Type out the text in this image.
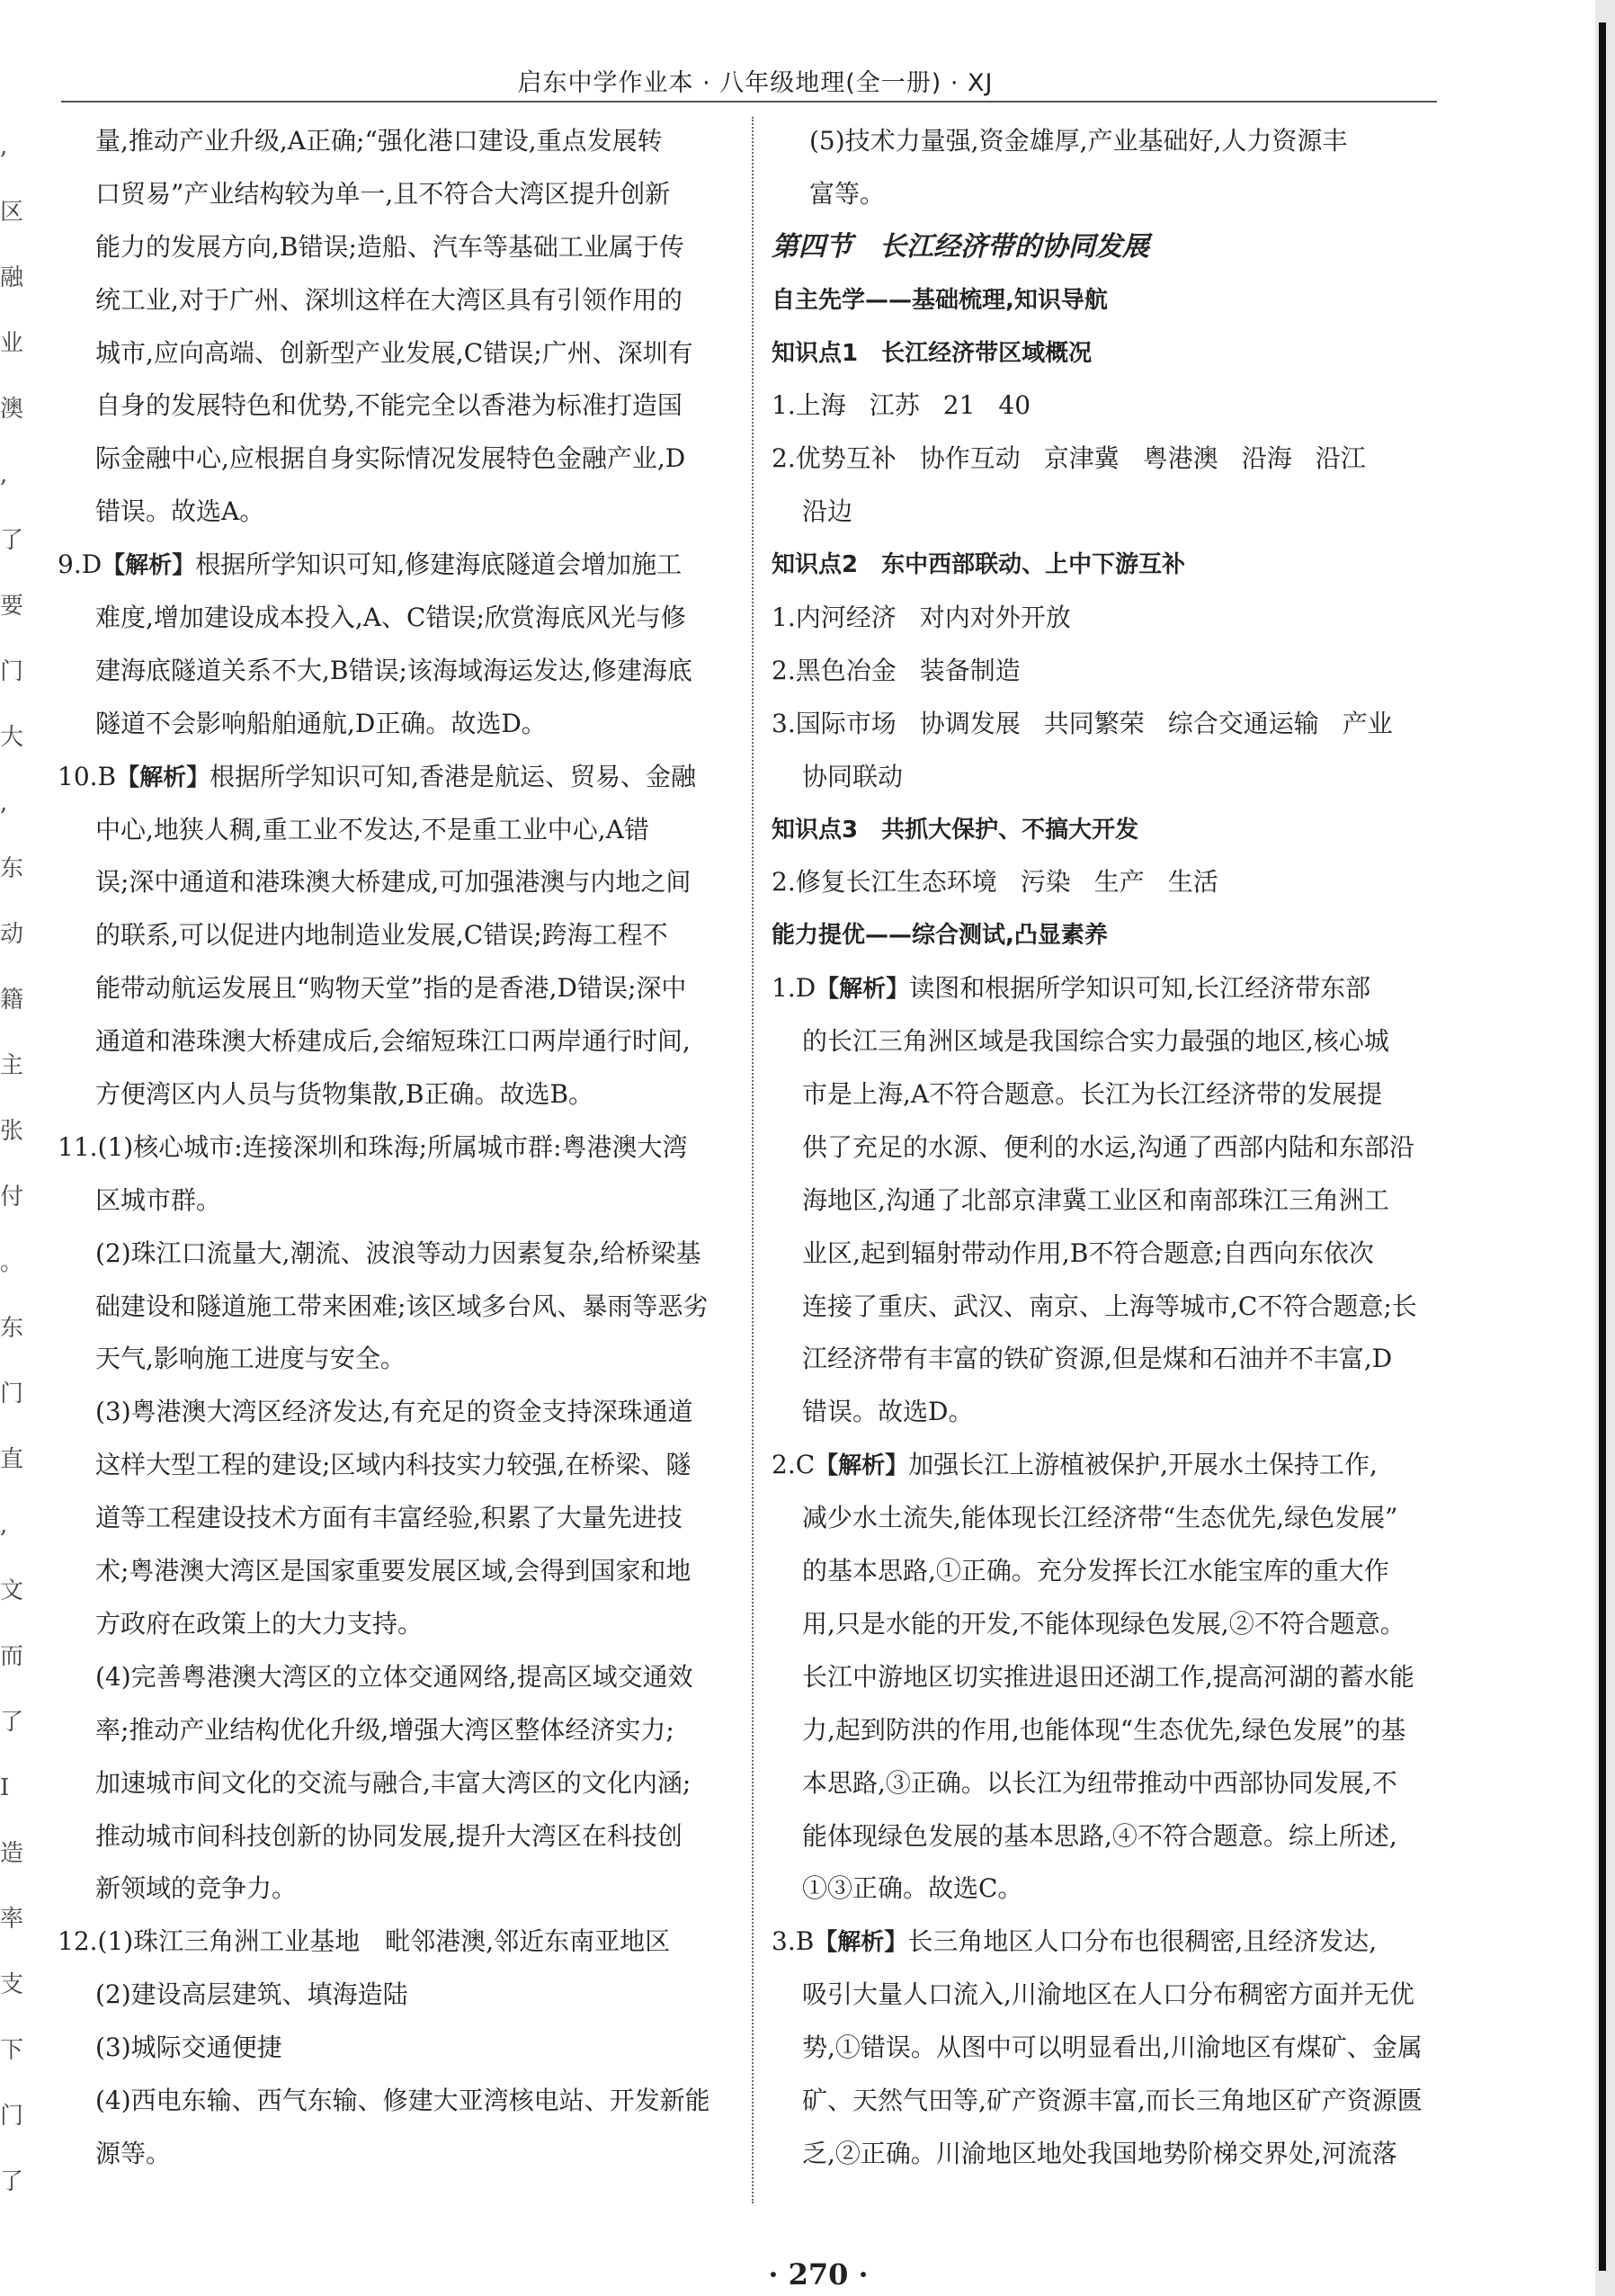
,
区
融
业
澳
,
了
要
门
大
,
东
动
籍
主
张
付
。
东
门
直
,
文
而
了
I
造
率
支
下
门
了
启东中学作业本 · 八年级地理(全一册) · XJ
量,推动产业升级,A正确;“强化港口建设,重点发展转
口贸易”产业结构较为单一,且不符合大湾区提升创新
能力的发展方向,B错误;造船、汽车等基础工业属于传
统工业,对于广州、深圳这样在大湾区具有引领作用的
城市,应向高端、创新型产业发展,C错误;广州、深圳有
自身的发展特色和优势,不能完全以香港为标准打造国
际金融中心,应根据自身实际情况发展特色金融产业,D
错误。故选A。
9.D【解析】根据所学知识可知,修建海底隧道会增加施工
难度,增加建设成本投入,A、C错误;欣赏海底风光与修
建海底隧道关系不大,B错误;该海域海运发达,修建海底
隧道不会影响船舶通航,D正确。故选D。
10.B【解析】根据所学知识可知,香港是航运、贸易、金融
中心,地狭人稠,重工业不发达,不是重工业中心,A错
误;深中通道和港珠澳大桥建成,可加强港澳与内地之间
的联系,可以促进内地制造业发展,C错误;跨海工程不
能带动航运发展且“购物天堂”指的是香港,D错误;深中
通道和港珠澳大桥建成后,会缩短珠江口两岸通行时间,
方便湾区内人员与货物集散,B正确。故选B。
11.(1)核心城市:连接深圳和珠海;所属城市群:粤港澳大湾
区城市群。
(2)珠江口流量大,潮流、波浪等动力因素复杂,给桥梁基
础建设和隧道施工带来困难;该区域多台风、暴雨等恶劣
天气,影响施工进度与安全。
(3)粤港澳大湾区经济发达,有充足的资金支持深珠通道
这样大型工程的建设;区域内科技实力较强,在桥梁、隧
道等工程建设技术方面有丰富经验,积累了大量先进技
术;粤港澳大湾区是国家重要发展区域,会得到国家和地
方政府在政策上的大力支持。
(4)完善粤港澳大湾区的立体交通网络,提高区域交通效
率;推动产业结构优化升级,增强大湾区整体经济实力;
加速城市间文化的交流与融合,丰富大湾区的文化内涵;
推动城市间科技创新的协同发展,提升大湾区在科技创
新领域的竞争力。
12.(1)珠江三角洲工业基地　毗邻港澳,邻近东南亚地区
(2)建设高层建筑、填海造陆
(3)城际交通便捷
(4)西电东输、西气东输、修建大亚湾核电站、开发新能
源等。
(5)技术力量强,资金雄厚,产业基础好,人力资源丰
富等。
第四节　长江经济带的协同发展
自主先学——基础梳理,知识导航
知识点1　长江经济带区域概况
1.上海 江苏 21 40
2.优势互补 协作互动 京津冀 粤港澳 沿海 沿江
沿边
知识点2　东中西部联动、上中下游互补
1.内河经济 对内对外开放
2.黑色冶金 装备制造
3.国际市场 协调发展 共同繁荣 综合交通运输 产业
协同联动
知识点3　共抓大保护、不搞大开发
2.修复长江生态环境 污染 生产 生活
能力提优——综合测试,凸显素养
1.D【解析】读图和根据所学知识可知,长江经济带东部
的长江三角洲区域是我国综合实力最强的地区,核心城
市是上海,A不符合题意。长江为长江经济带的发展提
供了充足的水源、便利的水运,沟通了西部内陆和东部沿
海地区,沟通了北部京津冀工业区和南部珠江三角洲工
业区,起到辐射带动作用,B不符合题意;自西向东依次
连接了重庆、武汉、南京、上海等城市,C不符合题意;长
江经济带有丰富的铁矿资源,但是煤和石油并不丰富,D
错误。故选D。
2.C【解析】加强长江上游植被保护,开展水土保持工作,
减少水土流失,能体现长江经济带“生态优先,绿色发展”
的基本思路,①正确。充分发挥长江水能宝库的重大作
用,只是水能的开发,不能体现绿色发展,②不符合题意。
长江中游地区切实推进退田还湖工作,提高河湖的蓄水能
力,起到防洪的作用,也能体现“生态优先,绿色发展”的基
本思路,③正确。以长江为纽带推动中西部协同发展,不
能体现绿色发展的基本思路,④不符合题意。综上所述,
①③正确。故选C。
3.B【解析】长三角地区人口分布也很稠密,且经济发达,
吸引大量人口流入,川渝地区在人口分布稠密方面并无优
势,①错误。从图中可以明显看出,川渝地区有煤矿、金属
矿、天然气田等,矿产资源丰富,而长三角地区矿产资源匮
乏,②正确。川渝地区地处我国地势阶梯交界处,河流落
· 270 ·
